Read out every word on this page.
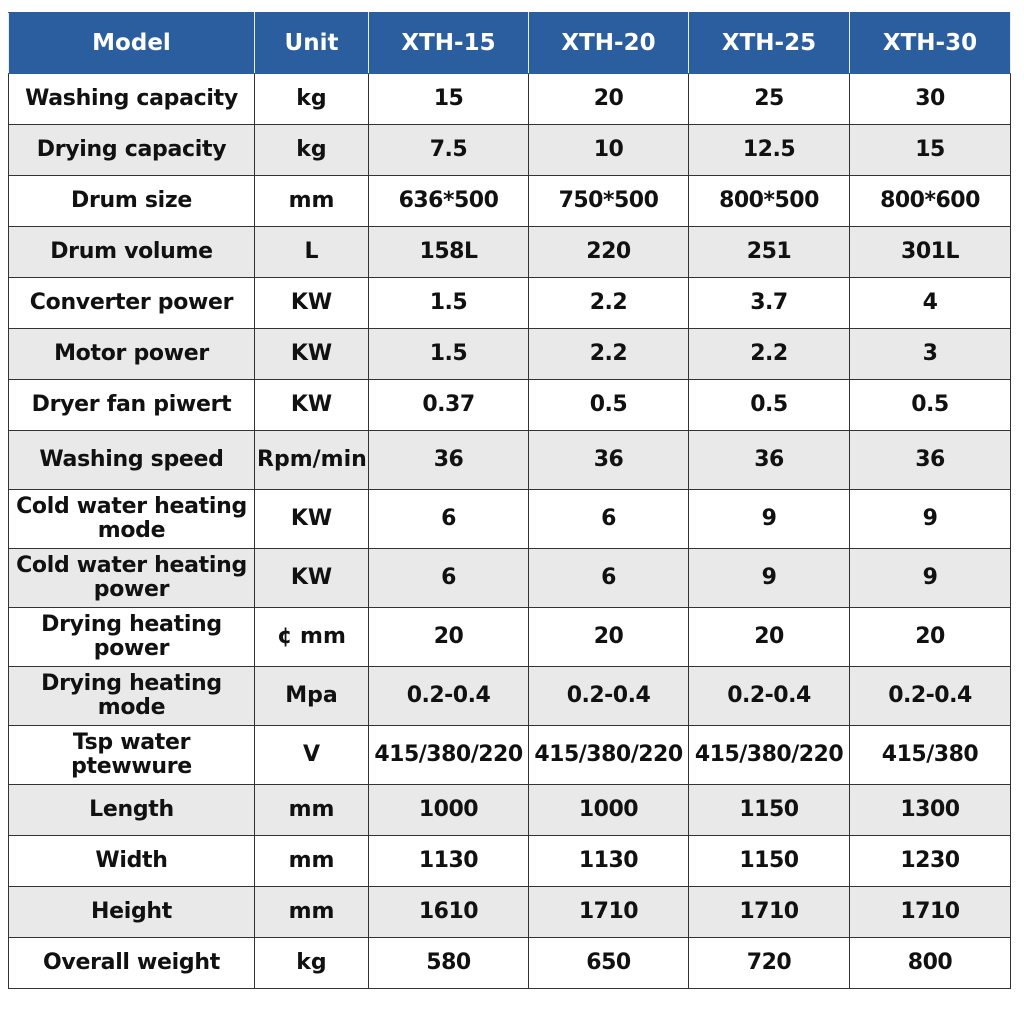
Model	Unit	XTH-15	XTH-20	XTH-25	XTH-30
Washing capacity	kg	15	20	25	30
Drying capacity	kg	7.5	10	12.5	15
Drum size	mm	636*500	750*500	800*500	800*600
Drum volume	L	158L	220	251	301L
Converter power	KW	1.5	2.2	3.7	4
Motor power	KW	1.5	2.2	2.2	3
Dryer fan piwert	KW	0.37	0.5	0.5	0.5
Washing speed	Rpm/min	36	36	36	36
Cold water heating mode	KW	6	6	9	9
Cold water heating power	KW	6	6	9	9
Drying heating power	¢ mm	20	20	20	20
Drying heating mode	Mpa	0.2-0.4	0.2-0.4	0.2-0.4	0.2-0.4
Tsp water ptewwure	V	415/380/220	415/380/220	415/380/220	415/380
Length	mm	1000	1000	1150	1300
Width	mm	1130	1130	1150	1230
Height	mm	1610	1710	1710	1710
Overall weight	kg	580	650	720	800
